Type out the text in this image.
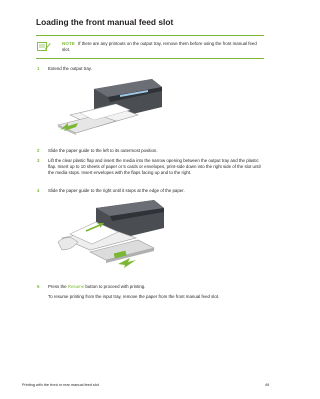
Loading the front manual feed slot
NOTE If there are any printouts on the output tray, remove them before using the front manual feed slot.
1 Extend the output tray.
2 Slide the paper guide to the left to its outermost position.
3 Lift the clear plastic flap and insert the media into the narrow opening between the output tray and the plastic flap. Insert up to 10 sheets of paper or 5 cards or envelopes, print-side down into the right side of the slot until the media stops. Insert envelopes with the flaps facing up and to the right.
4 Slide the paper guide to the right until it stops at the edge of the paper.
5 Press the Resume button to proceed with printing.
To resume printing from the input tray, remove the paper from the front manual feed slot.
Printing with the front or rear manual feed slot	49
